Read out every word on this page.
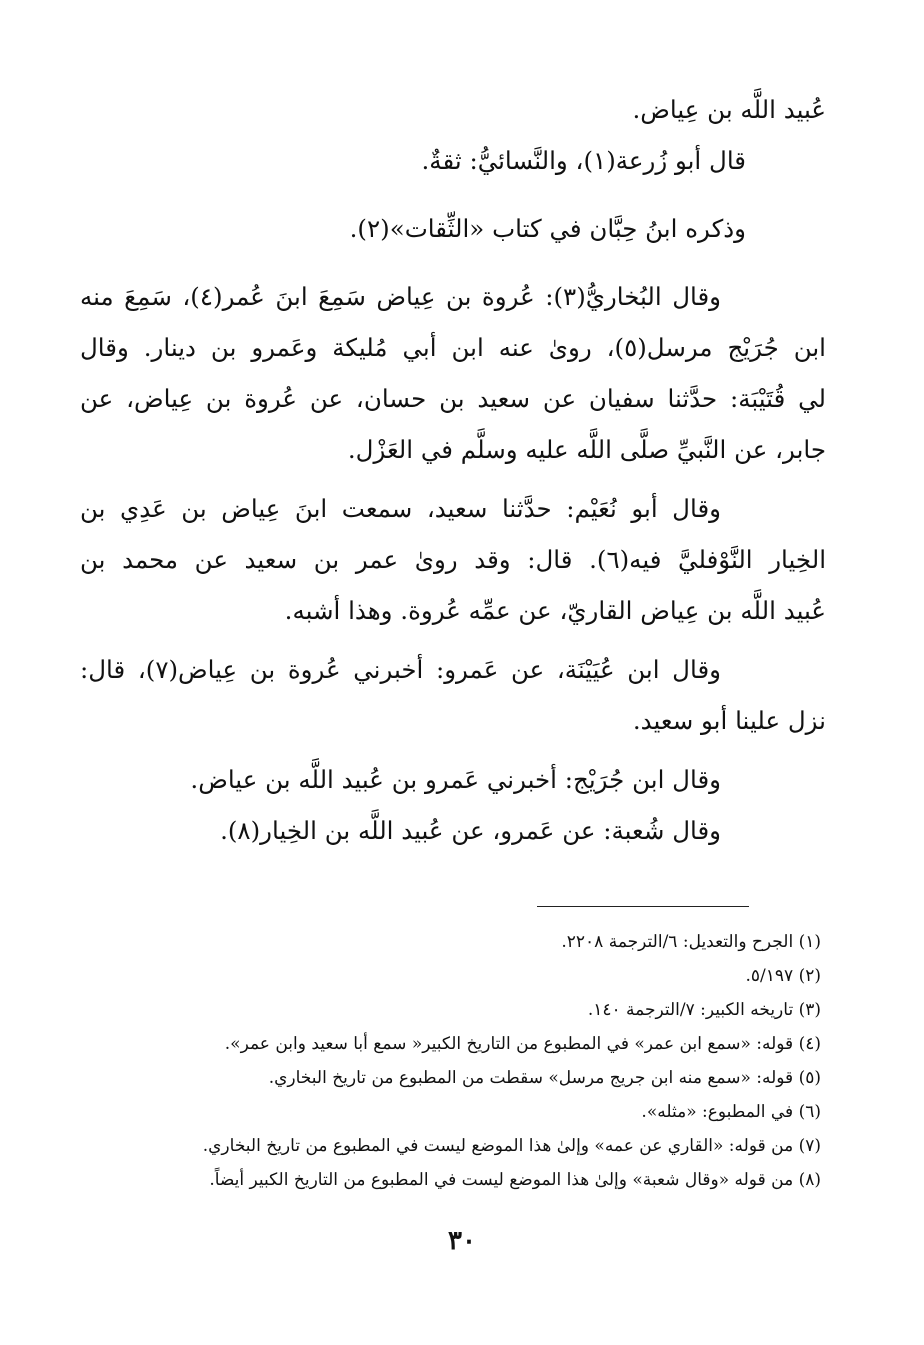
عُبيد اللَّه بن عِياض.
قال أبو زُرعة(١)، والنَّسائيُّ: ثقةٌ.
وذكره ابنُ حِبَّان في كتاب «الثِّقات»(٢).
وقال البُخاريُّ(٣): عُروة بن عِياض سَمِعَ ابنَ عُمر(٤)، سَمِعَ منه
ابن جُرَيْج مرسل(٥)، روىٰ عنه ابن أبي مُليكة وعَمرو بن دينار. وقال
لي قُتَيْبَة: حدَّثنا سفيان عن سعيد بن حسان، عن عُروة بن عِياض، عن
جابر، عن النَّبيِّ صلَّى اللَّه عليه وسلَّم في العَزْل.
وقال أبو نُعَيْم: حدَّثنا سعيد، سمعت ابنَ عِياض بن عَدِي بن
الخِيار النَّوْفليَّ فيه(٦). قال: وقد روىٰ عمر بن سعيد عن محمد بن
عُبيد اللَّه بن عِياض القاريّ، عن عمِّه عُروة. وهذا أشبه.
وقال ابن عُيَيْنَة، عن عَمرو: أخبرني عُروة بن عِياض(٧)، قال:
نزل علينا أبو سعيد.
وقال ابن جُرَيْج: أخبرني عَمرو بن عُبيد اللَّه بن عياض.
وقال شُعبة: عن عَمرو، عن عُبيد اللَّه بن الخِيار(٨).
(١) الجرح والتعديل: ٦/الترجمة ٢٢٠٨.
(٢) ٥/١٩٧.
(٣) تاريخه الكبير: ٧/الترجمة ١٤٠.
(٤) قوله: «سمع ابن عمر» في المطبوع من التاريخ الكبير« سمع أبا سعيد وابن عمر».
(٥) قوله: «سمع منه ابن جريج مرسل» سقطت من المطبوع من تاريخ البخاري.
(٦) في المطبوع: «مثله».
(٧) من قوله: «القاري عن عمه» وإلىٰ هذا الموضع ليست في المطبوع من تاريخ البخاري.
(٨) من قوله «وقال شعبة» وإلىٰ هذا الموضع ليست في المطبوع من التاريخ الكبير أيضاً.
٣٠
